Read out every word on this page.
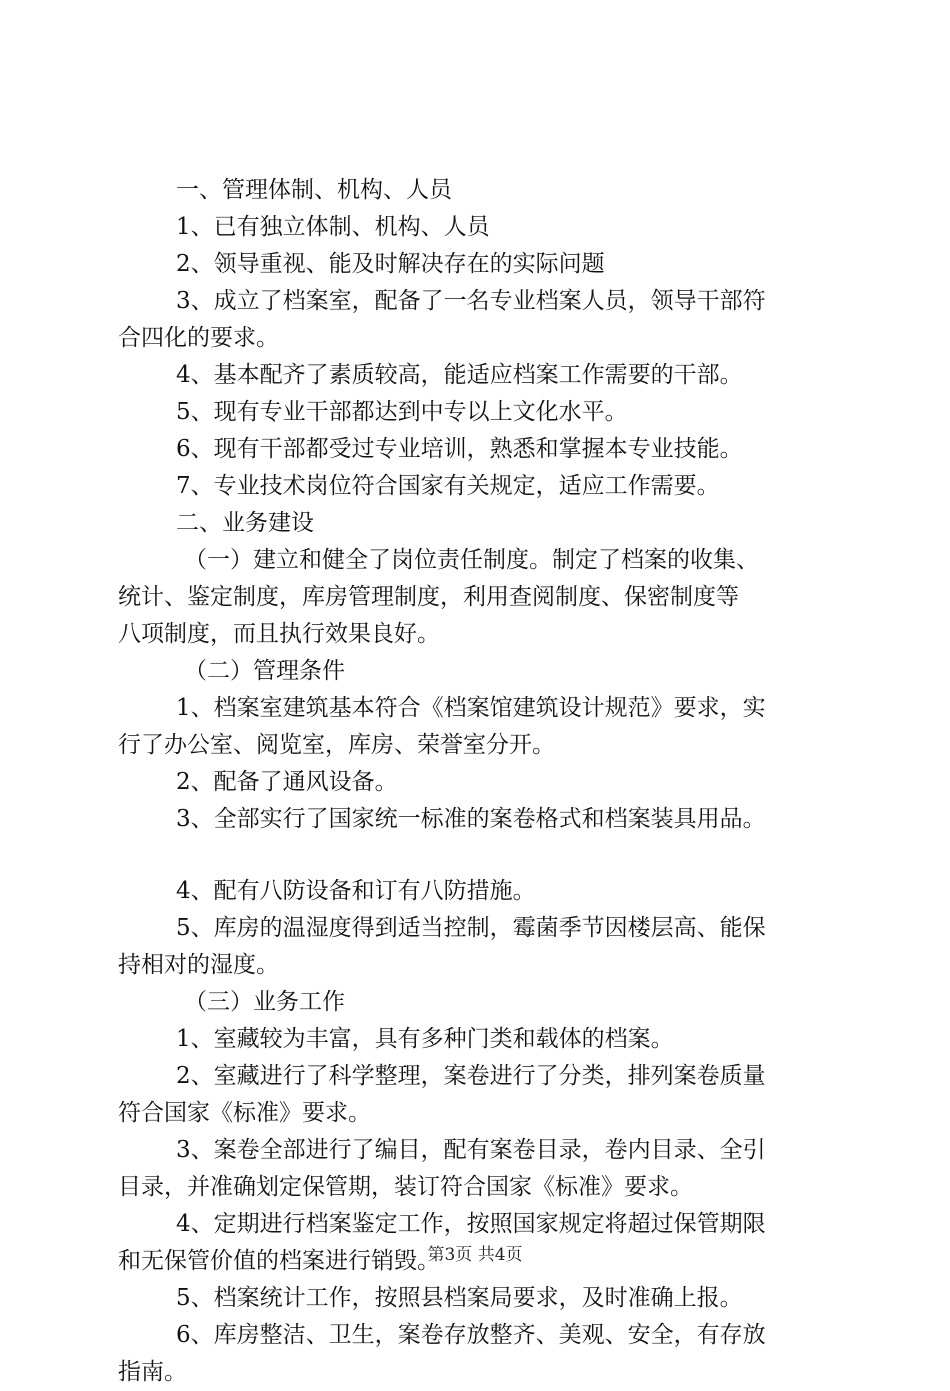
一、管理体制、机构、人员
1、已有独立体制、机构、人员
2、领导重视、能及时解决存在的实际问题
3、成立了档案室，配备了一名专业档案人员，领导干部符
合四化的要求。
4、基本配齐了素质较高，能适应档案工作需要的干部。
5、现有专业干部都达到中专以上文化水平。
6、现有干部都受过专业培训，熟悉和掌握本专业技能。
7、专业技术岗位符合国家有关规定，适应工作需要。
二、业务建设
（一）建立和健全了岗位责任制度。制定了档案的收集、
统计、鉴定制度，库房管理制度，利用查阅制度、保密制度等
八项制度，而且执行效果良好。
（二）管理条件
1、档案室建筑基本符合《档案馆建筑设计规范》要求，实
行了办公室、阅览室，库房、荣誉室分开。
2、配备了通风设备。
3、全部实行了国家统一标准的案卷格式和档案装具用品。
4、配有八防设备和订有八防措施。
5、库房的温湿度得到适当控制，霉菌季节因楼层高、能保
持相对的湿度。
（三）业务工作
1、室藏较为丰富，具有多种门类和载体的档案。
2、室藏进行了科学整理，案卷进行了分类，排列案卷质量
符合国家《标准》要求。
3、案卷全部进行了编目，配有案卷目录，卷内目录、全引
目录，并准确划定保管期，装订符合国家《标准》要求。
4、定期进行档案鉴定工作，按照国家规定将超过保管期限
和无保管价值的档案进行销毁。
5、档案统计工作，按照县档案局要求，及时准确上报。
6、库房整洁、卫生，案卷存放整齐、美观、安全，有存放
指南。
第3页 共4页
